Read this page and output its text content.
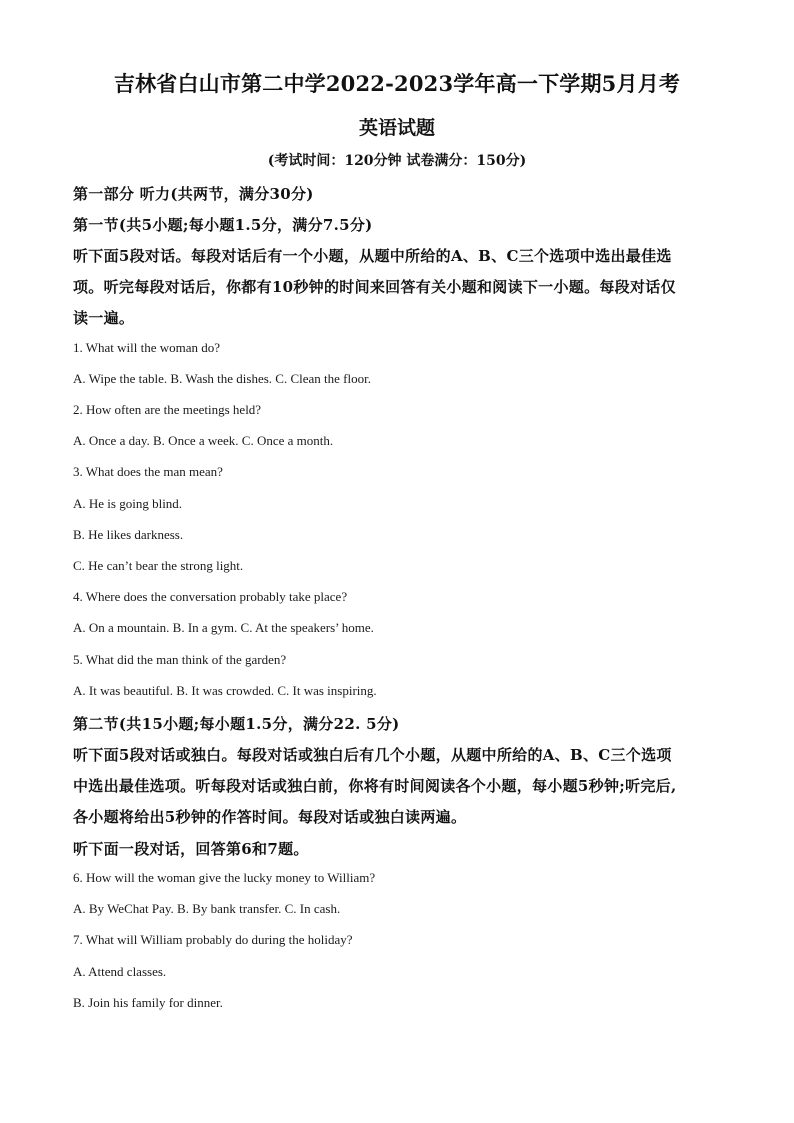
吉林省白山市第二中学2022-2023学年高一下学期5月月考
英语试题
(考试时间：120分钟 试卷满分：150分)
第一部分 听力(共两节，满分30分)
第一节(共5小题;每小题1.5分，满分7.5分)
听下面5段对话。每段对话后有一个小题，从题中所给的A、B、C三个选项中选出最佳选
项。听完每段对话后，你都有10秒钟的时间来回答有关小题和阅读下一小题。每段对话仅
读一遍。
1. What will the woman do?
A. Wipe the table. B. Wash the dishes. C. Clean the floor.
2. How often are the meetings held?
A. Once a day. B. Once a week. C. Once a month.
3. What does the man mean?
A. He is going blind.
B. He likes darkness.
C. He can’t bear the strong light.
4. Where does the conversation probably take place?
A. On a mountain. B. In a gym. C. At the speakers’ home.
5. What did the man think of the garden?
A. It was beautiful. B. It was crowded. C. It was inspiring.
第二节(共15小题;每小题1.5分，满分22. 5分)
听下面5段对话或独白。每段对话或独白后有几个小题，从题中所给的A、B、C三个选项
中选出最佳选项。听每段对话或独白前，你将有时间阅读各个小题，每小题5秒钟;听完后,
各小题将给出5秒钟的作答时间。每段对话或独白读两遍。
听下面一段对话，回答第6和7题。
6. How will the woman give the lucky money to William?
A. By WeChat Pay. B. By bank transfer. C. In cash.
7. What will William probably do during the holiday?
A. Attend classes.
B. Join his family for dinner.
